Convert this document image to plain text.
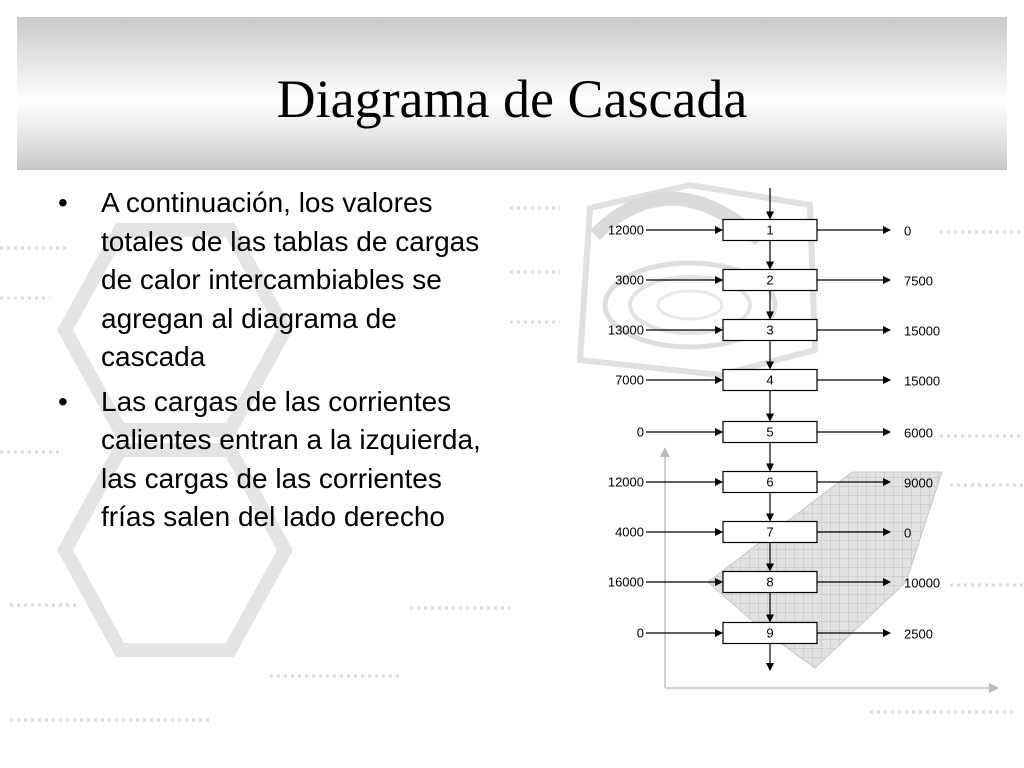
Diagrama de Cascada
• A continuación, los valores totales de las tablas de cargas de calor intercambiables se agregan al diagrama de cascada
• Las cargas de las corrientes calientes entran a la izquierda, las cargas de las corrientes frías salen del lado derecho
1
12000	0
2
3000	7500
3
13000	15000
4
7000	15000
5
0	6000
6
12000	9000
7
4000	0
8
16000	10000
9
0	2500
